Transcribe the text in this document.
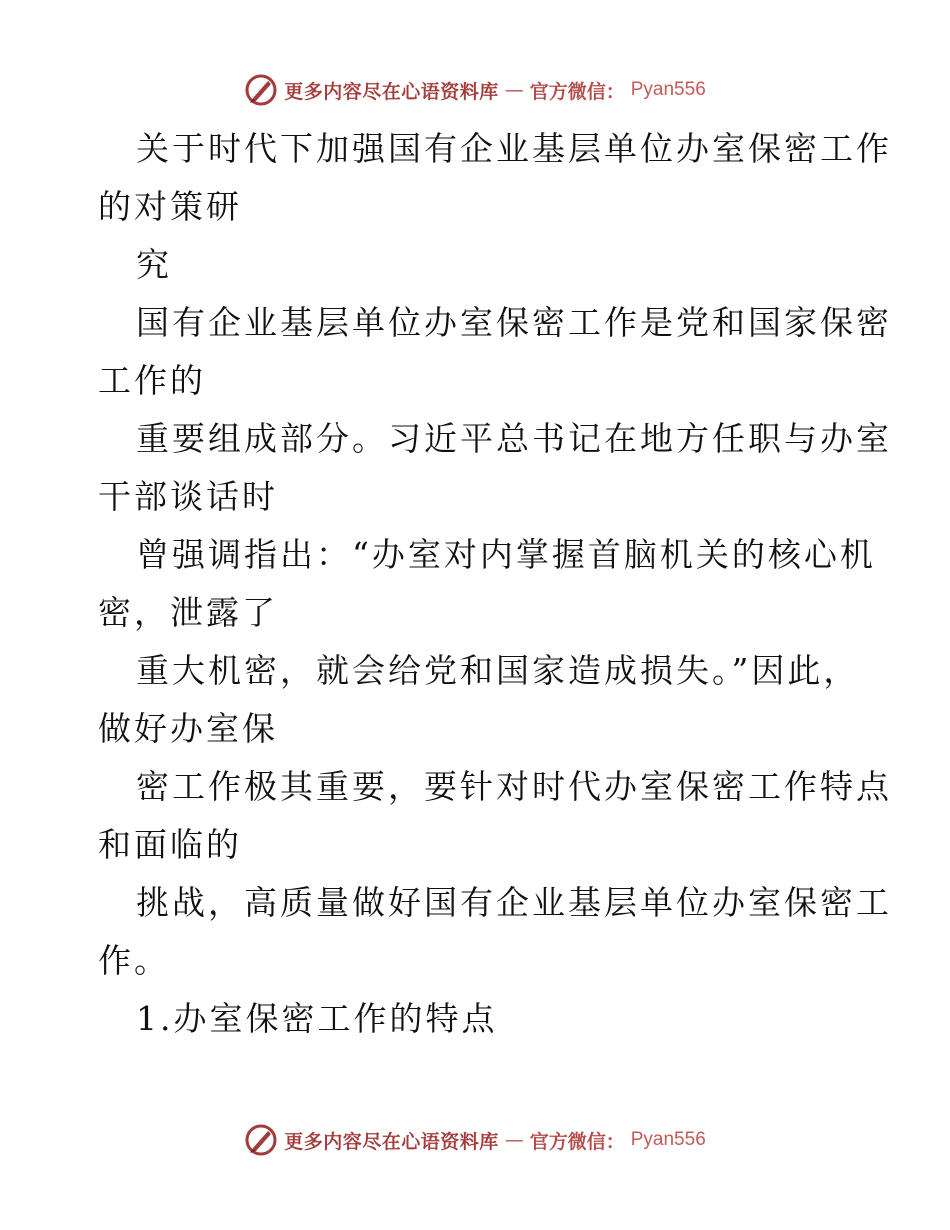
更多内容尽在心语资料库 — 官方微信： Pyan556
关于时代下加强国有企业基层单位办室保密工作
的对策研
究
国有企业基层单位办室保密工作是党和国家保密
工作的
重要组成部分。习近平总书记在地方任职与办室
干部谈话时
曾强调指出：“办室对内掌握首脑机关的核心机
密，泄露了
重大机密，就会给党和国家造成损失。”因此，
做好办室保
密工作极其重要，要针对时代办室保密工作特点
和面临的
挑战，高质量做好国有企业基层单位办室保密工
作。
1.办室保密工作的特点
更多内容尽在心语资料库 — 官方微信： Pyan556
